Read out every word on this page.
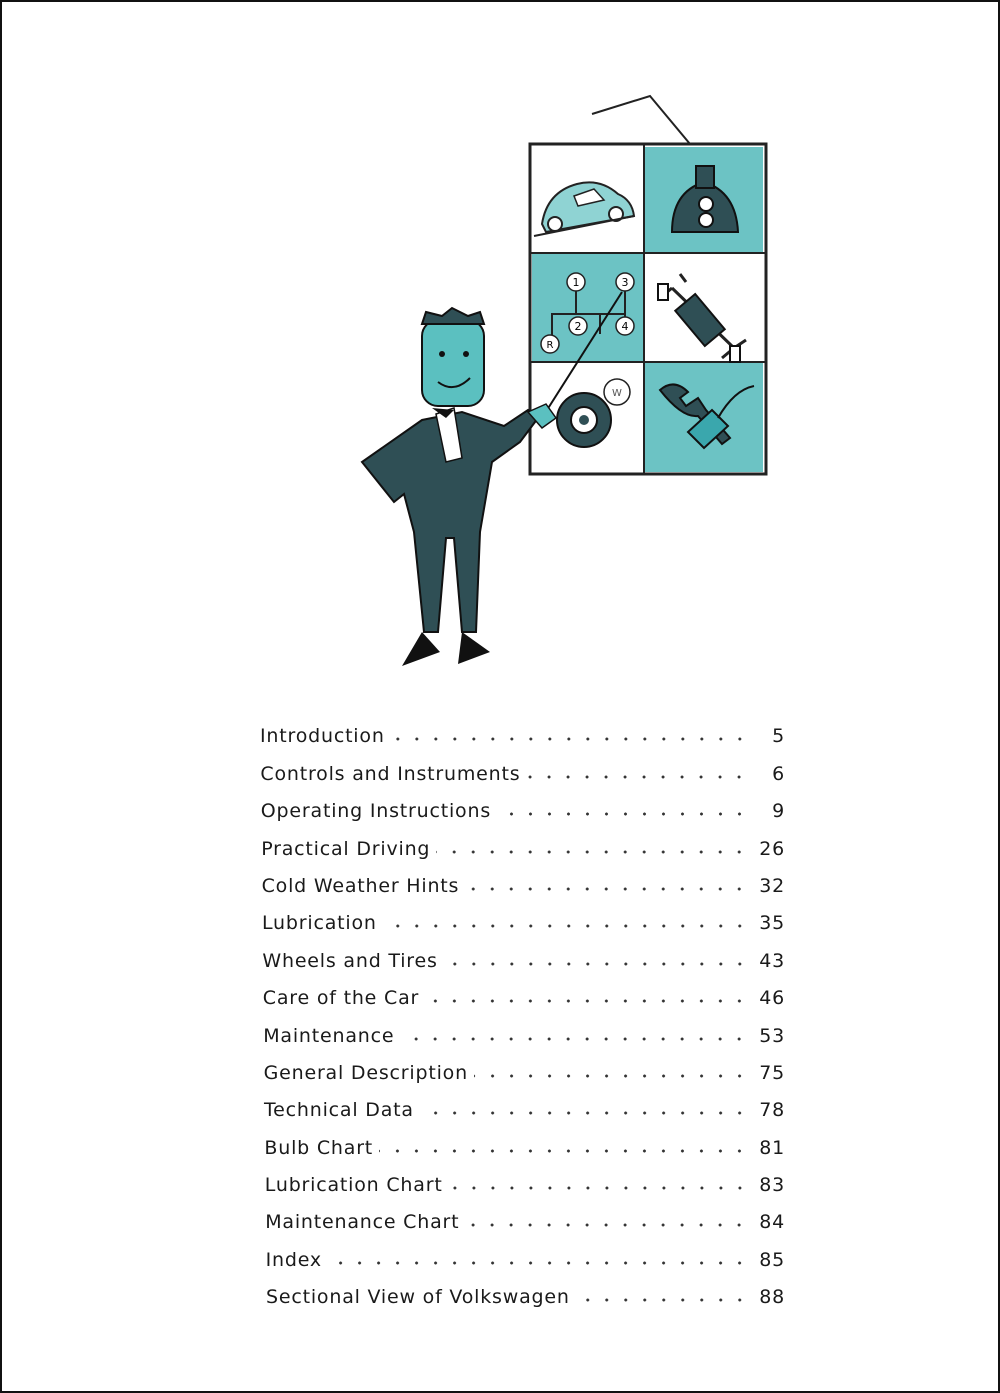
1	3
2	4
R
W
Introduction	5
Controls and Instruments	6
Operating Instructions	9
Practical Driving	26
Cold Weather Hints	32
Lubrication	35
Wheels and Tires	43
Care of the Car	46
Maintenance	53
General Description	75
Technical Data	78
Bulb Chart	81
Lubrication Chart	83
Maintenance Chart	84
Index	85
Sectional View of Volkswagen	88
